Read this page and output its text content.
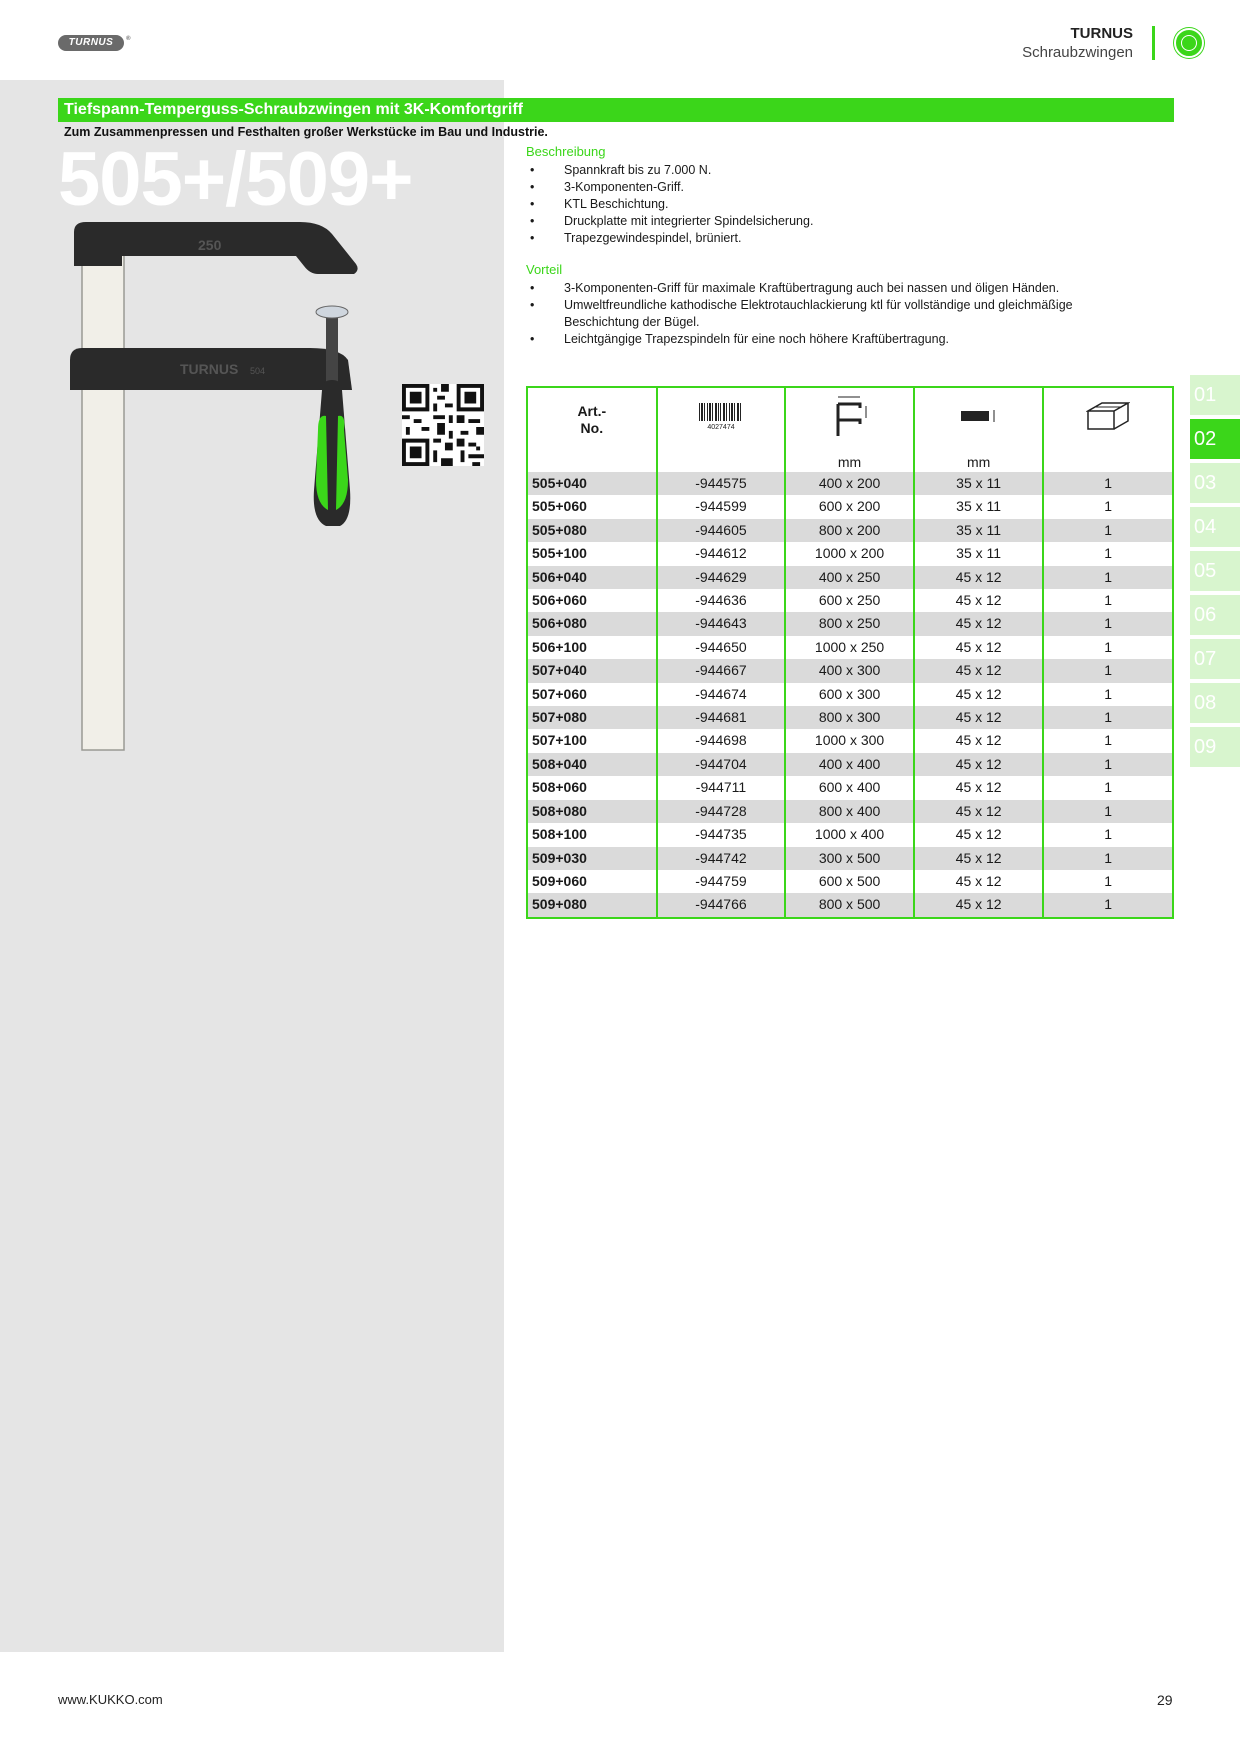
TURNUS ®	TURNUS
Schraubzwingen
Tiefspann-Temperguss-Schraubzwingen mit 3K-Komfortgriff
Zum Zusammenpressen und Festhalten großer Werkstücke im Bau und Industrie.
505+/509+	Beschreibung
• Spannkraft bis zu 7.000 N.
• 3-Komponenten-Griff.
• KTL Beschichtung.
• Druckplatte mit integrierter Spindelsicherung.
• Trapezgewindespindel, brüniert.
Vorteil
• 3-Komponenten-Griff für maximale Kraftübertragung auch bei nassen und öligen Händen.
• Umweltfreundliche kathodische Elektrotauchlackierung ktl für vollständige und gleichmäßige Beschichtung der Bügel.
• Leichtgängige Trapezspindeln für eine noch höhere Kraftübertragung.
250
TURNUS 504
Art.-
No.	4027474

		mm	mm	
505+040	-944575	400 x 200	35 x 11	1
505+060	-944599	600 x 200	35 x 11	1
505+080	-944605	800 x 200	35 x 11	1
505+100	-944612	1000 x 200	35 x 11	1
506+040	-944629	400 x 250	45 x 12	1
506+060	-944636	600 x 250	45 x 12	1
506+080	-944643	800 x 250	45 x 12	1
506+100	-944650	1000 x 250	45 x 12	1
507+040	-944667	400 x 300	45 x 12	1
507+060	-944674	600 x 300	45 x 12	1
507+080	-944681	800 x 300	45 x 12	1
507+100	-944698	1000 x 300	45 x 12	1
508+040	-944704	400 x 400	45 x 12	1
508+060	-944711	600 x 400	45 x 12	1
508+080	-944728	800 x 400	45 x 12	1
508+100	-944735	1000 x 400	45 x 12	1
509+030	-944742	300 x 500	45 x 12	1
509+060	-944759	600 x 500	45 x 12	1
509+080	-944766	800 x 500	45 x 12	1
01
02
03
04
05
06
07
08
09
www.KUKKO.com	29
